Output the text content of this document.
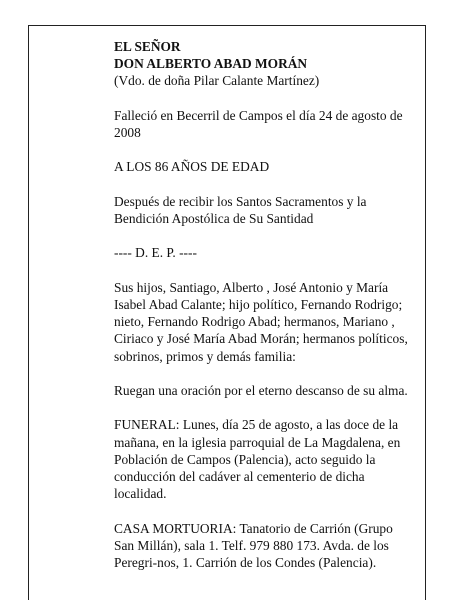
EL SEÑOR
DON ALBERTO ABAD MORÁN
(Vdo. de doña Pilar Calante Martínez)

Falleció en Becerril de Campos el día 24 de agosto de
2008

A LOS 86 AÑOS DE EDAD

Después de recibir los Santos Sacramentos y la
Bendición Apostólica de Su Santidad

---- D. E. P. ----

Sus hijos, Santiago, Alberto , José Antonio y María
Isabel Abad Calante; hijo político, Fernando Rodrigo;
nieto, Fernando Rodrigo Abad; hermanos, Mariano ,
Ciriaco y José María Abad Morán; hermanos políticos,
sobrinos, primos y demás familia:

Ruegan una oración por el eterno descanso de su alma.

FUNERAL: Lunes, día 25 de agosto, a las doce de la
mañana, en la iglesia parroquial de La Magdalena, en
Población de Campos (Palencia), acto seguido la
conducción del cadáver al cementerio de dicha
localidad.

CASA MORTUORIA: Tanatorio de Carrión (Grupo
San Millán), sala 1. Telf. 979 880 173. Avda. de los
Peregri-nos, 1. Carrión de los Condes (Palencia).
